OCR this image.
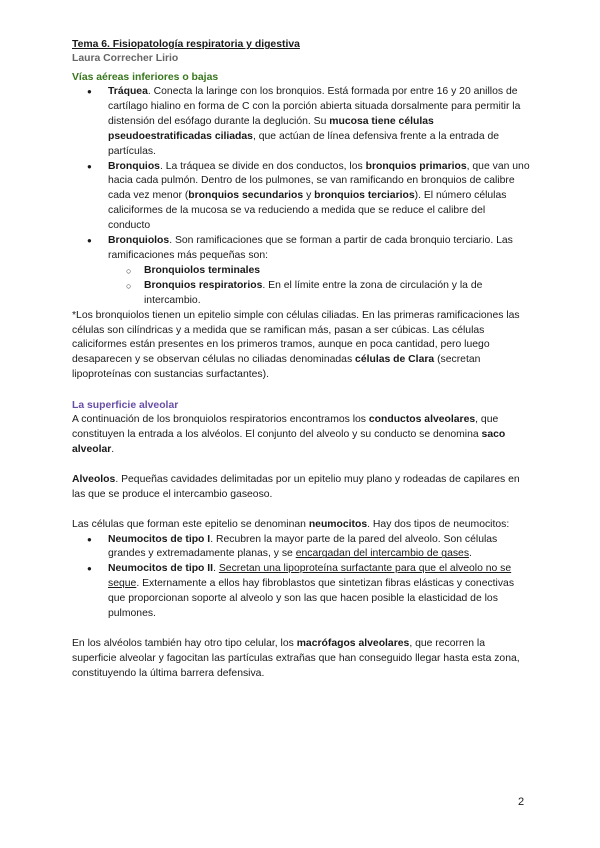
Tema 6. Fisiopatología respiratoria y digestiva

Laura Correcher Lirio

Vías aéreas inferiores o bajas

● Tráquea. Conecta la laringe con los bronquios. Está formada por entre 16 y 20 anillos de cartílago hialino en forma de C con la porción abierta situada dorsalmente para permitir la distensión del esófago durante la deglución. Su mucosa tiene células pseudoestratificadas ciliadas, que actúan de línea defensiva frente a la entrada de partículas.
● Bronquios. La tráquea se divide en dos conductos, los bronquios primarios, que van uno hacia cada pulmón. Dentro de los pulmones, se van ramificando en bronquios de calibre cada vez menor (bronquios secundarios y bronquios terciarios). El número células caliciformes de la mucosa se va reduciendo a medida que se reduce el calibre del conducto
● Bronquiolos. Son ramificaciones que se forman a partir de cada bronquio terciario. Las ramificaciones más pequeñas son:
○ Bronquiolos terminales
○ Bronquios respiratorios. En el límite entre la zona de circulación y la de intercambio.

*Los bronquiolos tienen un epitelio simple con células ciliadas. En las primeras ramificaciones las células son cilíndricas y a medida que se ramifican más, pasan a ser cúbicas. Las células caliciformes están presentes en los primeros tramos, aunque en poca cantidad, pero luego desaparecen y se observan células no ciliadas denominadas células de Clara (secretan lipoproteínas con sustancias surfactantes).

La superficie alveolar

A continuación de los bronquiolos respiratorios encontramos los conductos alveolares, que constituyen la entrada a los alvéolos. El conjunto del alveolo y su conducto se denomina saco alveolar.

Alveolos. Pequeñas cavidades delimitadas por un epitelio muy plano y rodeadas de capilares en las que se produce el intercambio gaseoso.

Las células que forman este epitelio se denominan neumocitos. Hay dos tipos de neumocitos:

● Neumocitos de tipo I. Recubren la mayor parte de la pared del alveolo. Son células grandes y extremadamente planas, y se encargadan del intercambio de gases.
● Neumocitos de tipo II. Secretan una lipoproteína surfactante para que el alveolo no se seque. Externamente a ellos hay fibroblastos que sintetizan fibras elásticas y conectivas que proporcionan soporte al alveolo y son las que hacen posible la elasticidad de los pulmones.

En los alvéolos también hay otro tipo celular, los macrófagos alveolares, que recorren la superficie alveolar y fagocitan las partículas extrañas que han conseguido llegar hasta esta zona, constituyendo la última barrera defensiva.

2
